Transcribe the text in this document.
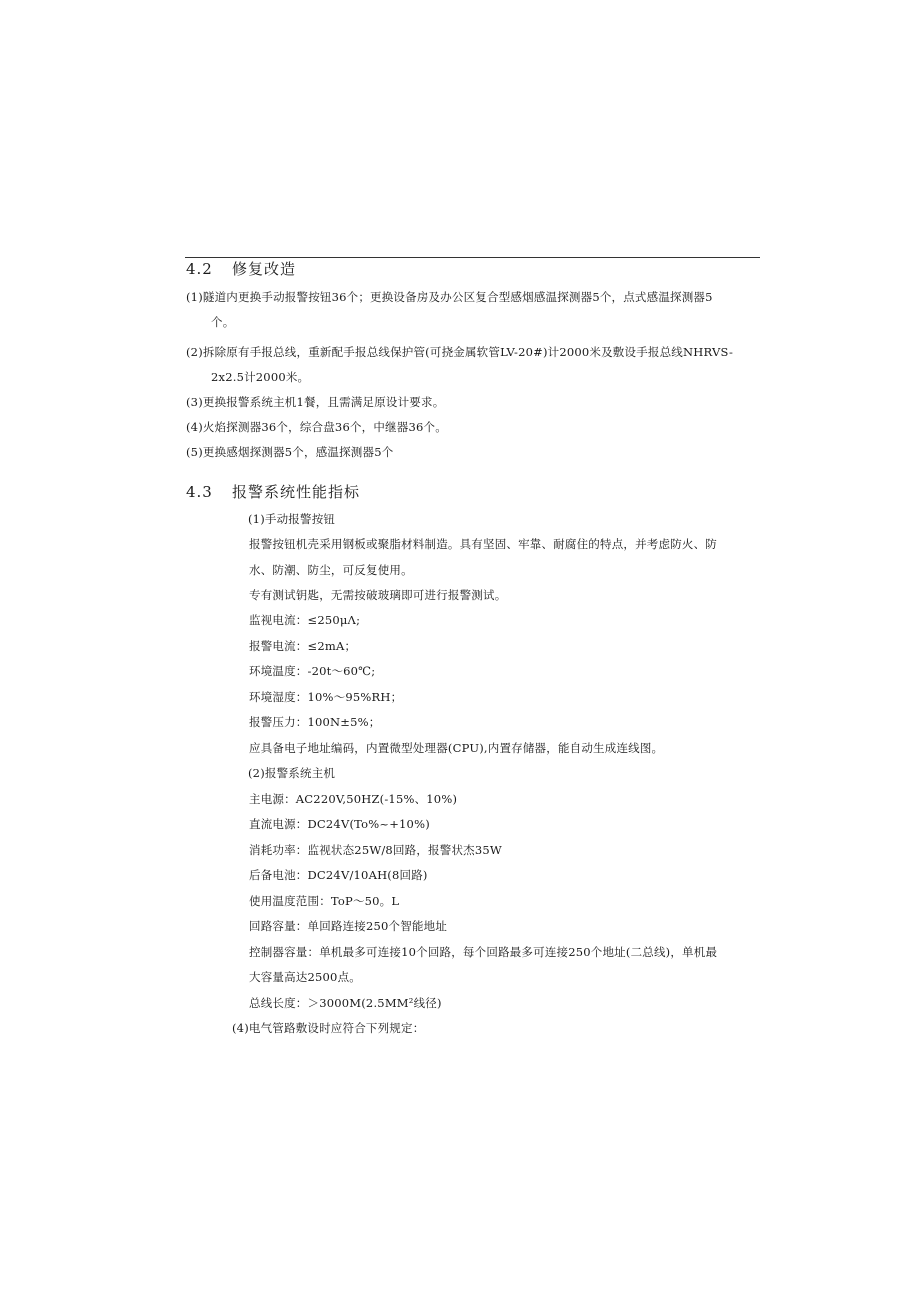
4.2 修复改造
(1)隧道内更换手动报警按钮36个；更换设备房及办公区复合型感烟感温探测器5个，点式感温探测器5
个。
(2)拆除原有手报总线，重新配手报总线保护管(可挠金属软管LV-20#)计2000米及敷设手报总线NHRVS-
2x2.5计2000米。
(3)更换报警系统主机1餐，且需满足原设计要求。
(4)火焰探测器36个，综合盘36个，中继器36个。
(5)更换感烟探测器5个，感温探测器5个
4.3 报警系统性能指标
(1)手动报警按钮
报警按钮机壳采用钢板或聚脂材料制造。具有坚固、牢靠、耐腐住的特点，并考虑防火、防
水、防潮、防尘，可反复使用。
专有测试钥匙，无需按破玻璃即可进行报警测试。
监视电流：≤250μΛ;
报警电流：≤2mA；
环境温度：-20t～60℃;
环境湿度：10%～95%RH；
报警压力：100N±5%；
应具备电子地址编码，内置微型处理器(CPU),内置存储器，能自动生成连线图。
(2)报警系统主机
主电源：AC220V,50HZ(-15%、10%)
直流电源：DC24V(To%~+10%)
消耗功率：监视状态25W/8回路，报警状杰35W
后备电池：DC24V/10AH(8回路)
使用温度范围：ToP～50。L
回路容量：单回路连接250个智能地址
控制器容量：单机最多可连接10个回路，每个回路最多可连接250个地址(二总线)，单机最
大容量高达2500点。
总线长度：＞3000M(2.5MM²线径)
(4)电气管路敷设时应符合下列规定：
